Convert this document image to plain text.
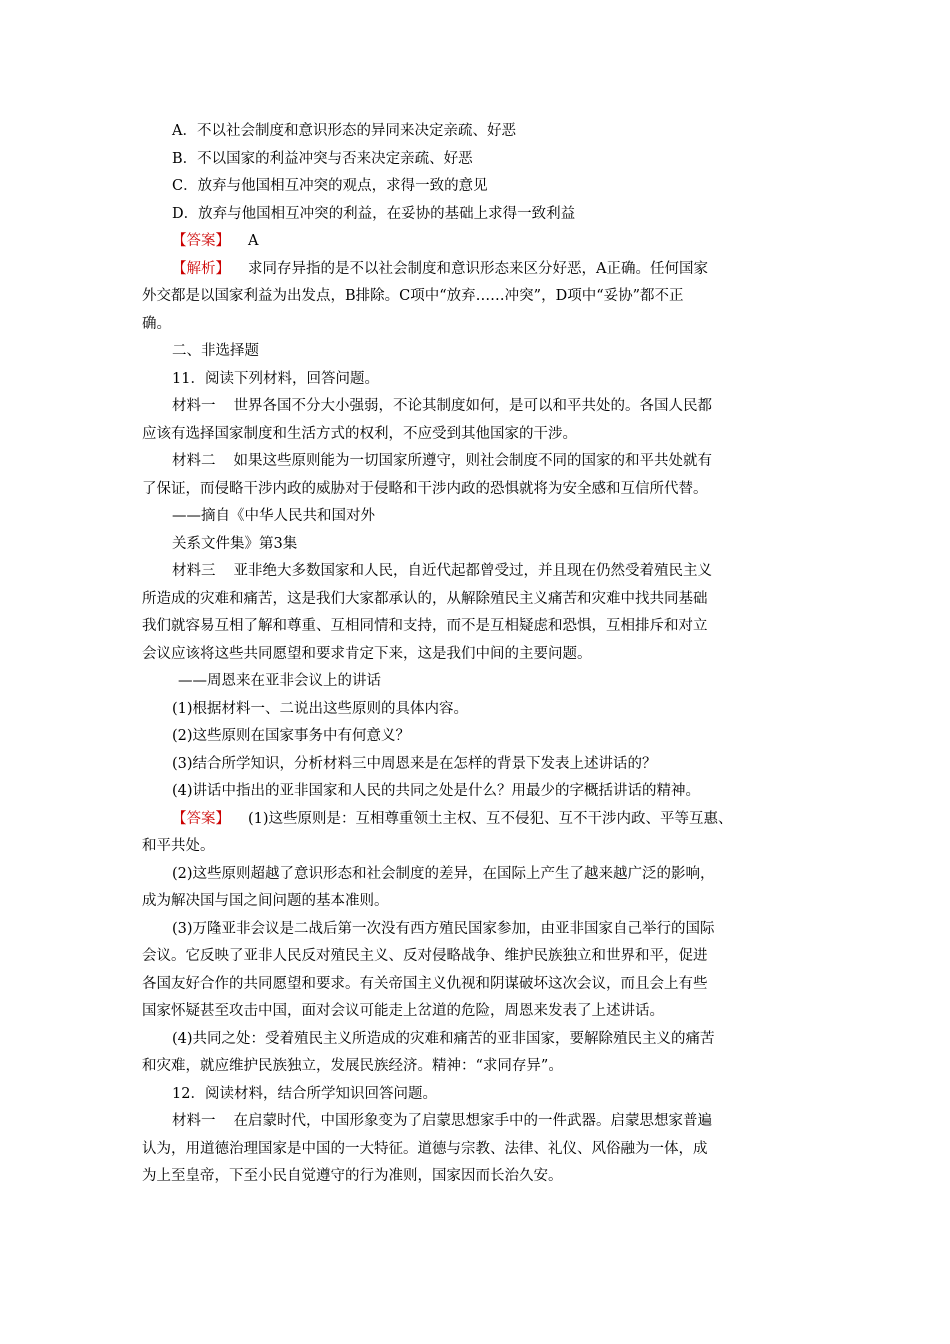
A．不以社会制度和意识形态的异同来决定亲疏、好恶
B．不以国家的利益冲突与否来决定亲疏、好恶
C．放弃与他国相互冲突的观点，求得一致的意见
D．放弃与他国相互冲突的利益，在妥协的基础上求得一致利益
【答案】 A
【解析】 求同存异指的是不以社会制度和意识形态来区分好恶，A正确。任何国家
外交都是以国家利益为出发点，B排除。C项中“放弃……冲突”，D项中“妥协”都不正
确。
二、非选择题
11．阅读下列材料，回答问题。
材料一 世界各国不分大小强弱，不论其制度如何，是可以和平共处的。各国人民都
应该有选择国家制度和生活方式的权利，不应受到其他国家的干涉。
材料二 如果这些原则能为一切国家所遵守，则社会制度不同的国家的和平共处就有
了保证，而侵略干涉内政的威胁对于侵略和干涉内政的恐惧就将为安全感和互信所代替。
——摘自《中华人民共和国对外
关系文件集》第3集
材料三 亚非绝大多数国家和人民，自近代起都曾受过，并且现在仍然受着殖民主义
所造成的灾难和痛苦，这是我们大家都承认的，从解除殖民主义痛苦和灾难中找共同基础
我们就容易互相了解和尊重、互相同情和支持，而不是互相疑虑和恐惧，互相排斥和对立
会议应该将这些共同愿望和要求肯定下来，这是我们中间的主要问题。
——周恩来在亚非会议上的讲话
(1)根据材料一、二说出这些原则的具体内容。
(2)这些原则在国家事务中有何意义？
(3)结合所学知识，分析材料三中周恩来是在怎样的背景下发表上述讲话的？
(4)讲话中指出的亚非国家和人民的共同之处是什么？用最少的字概括讲话的精神。
【答案】 (1)这些原则是：互相尊重领土主权、互不侵犯、互不干涉内政、平等互惠、
和平共处。
(2)这些原则超越了意识形态和社会制度的差异，在国际上产生了越来越广泛的影响，
成为解决国与国之间问题的基本准则。
(3)万隆亚非会议是二战后第一次没有西方殖民国家参加，由亚非国家自己举行的国际
会议。它反映了亚非人民反对殖民主义、反对侵略战争、维护民族独立和世界和平，促进
各国友好合作的共同愿望和要求。有关帝国主义仇视和阴谋破坏这次会议，而且会上有些
国家怀疑甚至攻击中国，面对会议可能走上岔道的危险，周恩来发表了上述讲话。
(4)共同之处：受着殖民主义所造成的灾难和痛苦的亚非国家，要解除殖民主义的痛苦
和灾难，就应维护民族独立，发展民族经济。精神：“求同存异”。
12．阅读材料，结合所学知识回答问题。
材料一 在启蒙时代，中国形象变为了启蒙思想家手中的一件武器。启蒙思想家普遍
认为，用道德治理国家是中国的一大特征。道德与宗教、法律、礼仪、风俗融为一体，成
为上至皇帝，下至小民自觉遵守的行为准则，国家因而长治久安。
